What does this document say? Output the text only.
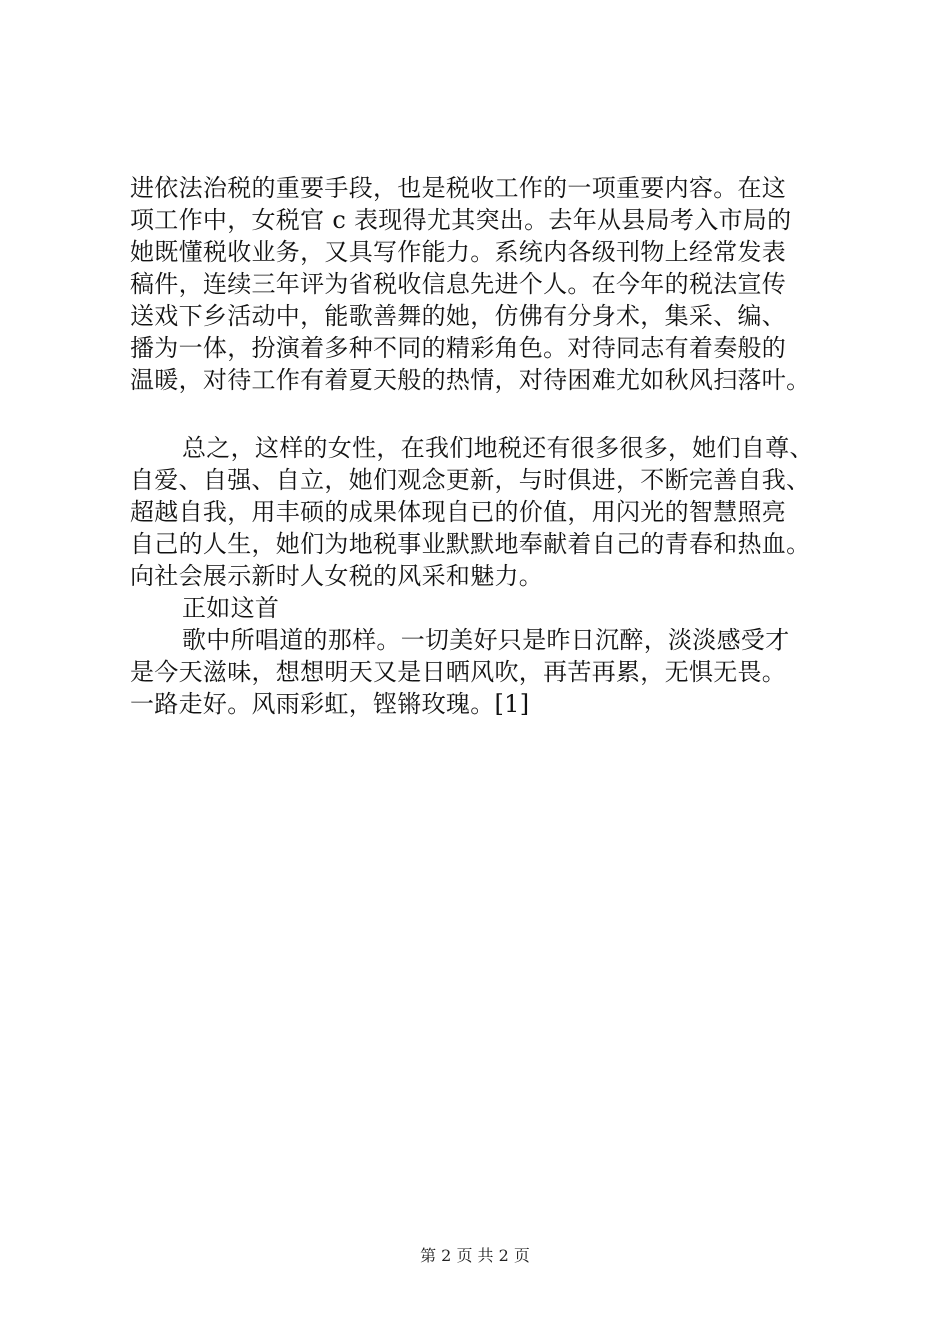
进依法治税的重要手段，也是税收工作的一项重要内容。在这
项工作中，女税官 c 表现得尤其突出。去年从县局考入市局的
她既懂税收业务，又具写作能力。系统内各级刊物上经常发表
稿件，连续三年评为省税收信息先进个人。在今年的税法宣传
送戏下乡活动中，能歌善舞的她，仿佛有分身术，集采、编、
播为一体，扮演着多种不同的精彩角色。对待同志有着奏般的
温暖，对待工作有着夏天般的热情，对待困难尤如秋风扫落叶。
总之，这样的女性，在我们地税还有很多很多，她们自尊、
自爱、自强、自立，她们观念更新，与时俱进，不断完善自我、
超越自我，用丰硕的成果体现自已的价值，用闪光的智慧照亮
自己的人生，她们为地税事业默默地奉献着自己的青春和热血。
向社会展示新时人女税的风采和魅力。
正如这首
歌中所唱道的那样。一切美好只是昨日沉醉，淡淡感受才
是今天滋味，想想明天又是日晒风吹，再苦再累，无惧无畏。
一路走好。风雨彩虹，铿锵玫瑰。[1]
第 2 页 共 2 页
